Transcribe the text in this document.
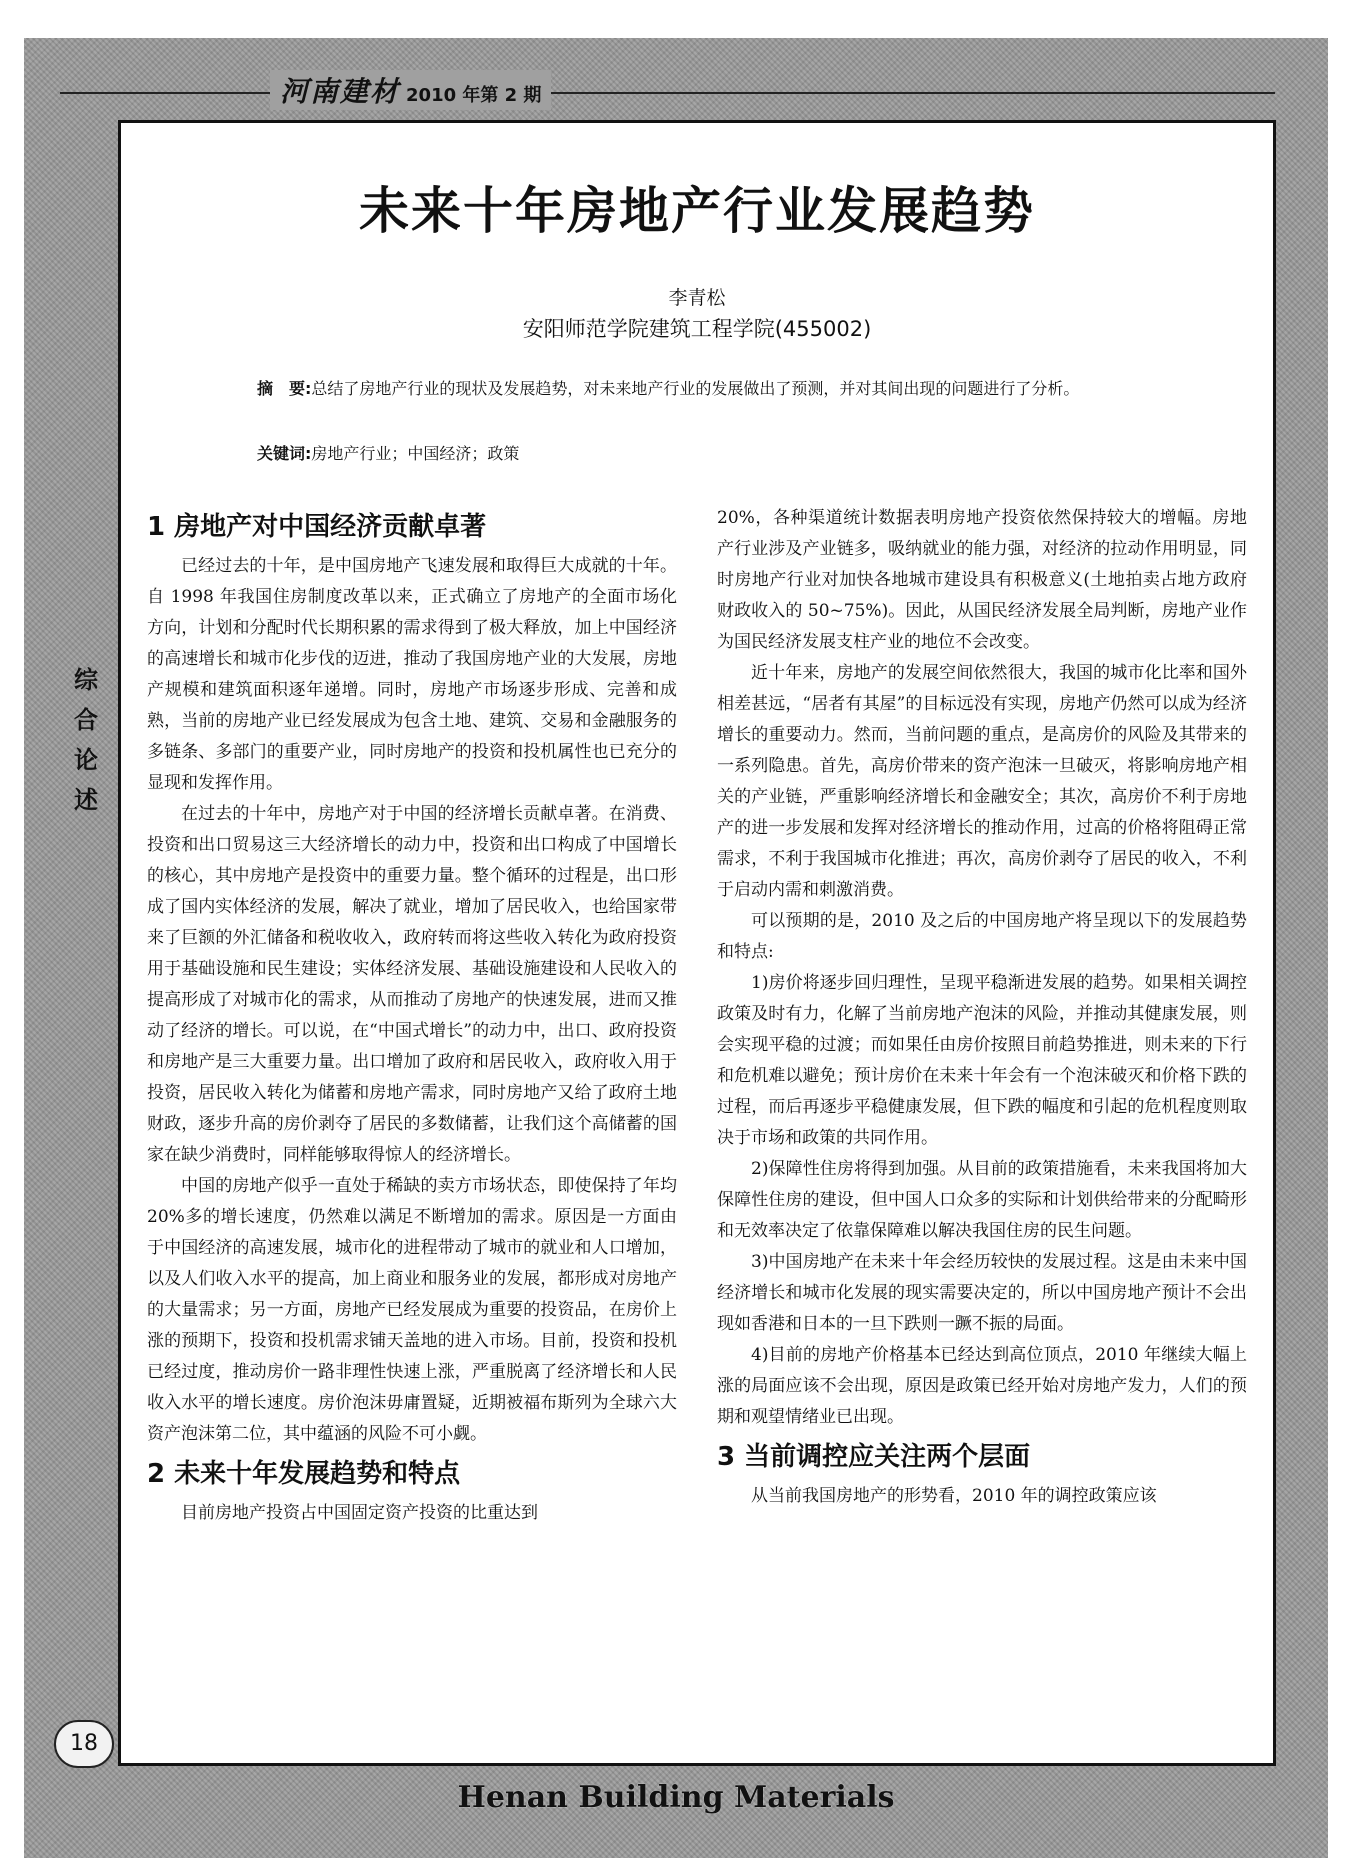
河南建材 2010 年第 2 期
综合论述
未来十年房地产行业发展趋势
李青松
安阳师范学院建筑工程学院(455002)
摘　要:总结了房地产行业的现状及发展趋势，对未来地产行业的发展做出了预测，并对其间出现的问题进行了分析。
关键词:房地产行业；中国经济；政策
1 房地产对中国经济贡献卓著

已经过去的十年，是中国房地产飞速发展和取得巨大成就的十年。自 1998 年我国住房制度改革以来，正式确立了房地产的全面市场化方向，计划和分配时代长期积累的需求得到了极大释放，加上中国经济的高速增长和城市化步伐的迈进，推动了我国房地产业的大发展，房地产规模和建筑面积逐年递增。同时，房地产市场逐步形成、完善和成熟，当前的房地产业已经发展成为包含土地、建筑、交易和金融服务的多链条、多部门的重要产业，同时房地产的投资和投机属性也已充分的显现和发挥作用。

在过去的十年中，房地产对于中国的经济增长贡献卓著。在消费、投资和出口贸易这三大经济增长的动力中，投资和出口构成了中国增长的核心，其中房地产是投资中的重要力量。整个循环的过程是，出口形成了国内实体经济的发展，解决了就业，增加了居民收入，也给国家带来了巨额的外汇储备和税收收入，政府转而将这些收入转化为政府投资用于基础设施和民生建设；实体经济发展、基础设施建设和人民收入的提高形成了对城市化的需求，从而推动了房地产的快速发展，进而又推动了经济的增长。可以说，在“中国式增长”的动力中，出口、政府投资和房地产是三大重要力量。出口增加了政府和居民收入，政府收入用于投资，居民收入转化为储蓄和房地产需求，同时房地产又给了政府土地财政，逐步升高的房价剥夺了居民的多数储蓄，让我们这个高储蓄的国家在缺少消费时，同样能够取得惊人的经济增长。

中国的房地产似乎一直处于稀缺的卖方市场状态，即使保持了年均 20%多的增长速度，仍然难以满足不断增加的需求。原因是一方面由于中国经济的高速发展，城市化的进程带动了城市的就业和人口增加，以及人们收入水平的提高，加上商业和服务业的发展，都形成对房地产的大量需求；另一方面，房地产已经发展成为重要的投资品，在房价上涨的预期下，投资和投机需求铺天盖地的进入市场。目前，投资和投机已经过度，推动房价一路非理性快速上涨，严重脱离了经济增长和人民收入水平的增长速度。房价泡沫毋庸置疑，近期被福布斯列为全球六大资产泡沫第二位，其中蕴涵的风险不可小觑。

2 未来十年发展趋势和特点

目前房地产投资占中国固定资产投资的比重达到

20%，各种渠道统计数据表明房地产投资依然保持较大的增幅。房地产行业涉及产业链多，吸纳就业的能力强，对经济的拉动作用明显，同时房地产行业对加快各地城市建设具有积极意义(土地拍卖占地方政府财政收入的 50~75%)。因此，从国民经济发展全局判断，房地产业作为国民经济发展支柱产业的地位不会改变。

近十年来，房地产的发展空间依然很大，我国的城市化比率和国外相差甚远，“居者有其屋”的目标远没有实现，房地产仍然可以成为经济增长的重要动力。然而，当前问题的重点，是高房价的风险及其带来的一系列隐患。首先，高房价带来的资产泡沫一旦破灭，将影响房地产相关的产业链，严重影响经济增长和金融安全；其次，高房价不利于房地产的进一步发展和发挥对经济增长的推动作用，过高的价格将阻碍正常需求，不利于我国城市化推进；再次，高房价剥夺了居民的收入，不利于启动内需和刺激消费。

可以预期的是，2010 及之后的中国房地产将呈现以下的发展趋势和特点:

1)房价将逐步回归理性，呈现平稳渐进发展的趋势。如果相关调控政策及时有力，化解了当前房地产泡沫的风险，并推动其健康发展，则会实现平稳的过渡；而如果任由房价按照目前趋势推进，则未来的下行和危机难以避免；预计房价在未来十年会有一个泡沫破灭和价格下跌的过程，而后再逐步平稳健康发展，但下跌的幅度和引起的危机程度则取决于市场和政策的共同作用。

2)保障性住房将得到加强。从目前的政策措施看，未来我国将加大保障性住房的建设，但中国人口众多的实际和计划供给带来的分配畸形和无效率决定了依靠保障难以解决我国住房的民生问题。

3)中国房地产在未来十年会经历较快的发展过程。这是由未来中国经济增长和城市化发展的现实需要决定的，所以中国房地产预计不会出现如香港和日本的一旦下跌则一蹶不振的局面。

4)目前的房地产价格基本已经达到高位顶点，2010 年继续大幅上涨的局面应该不会出现，原因是政策已经开始对房地产发力，人们的预期和观望情绪业已出现。

3 当前调控应关注两个层面

从当前我国房地产的形势看，2010 年的调控政策应该

18
Henan Building Materials
